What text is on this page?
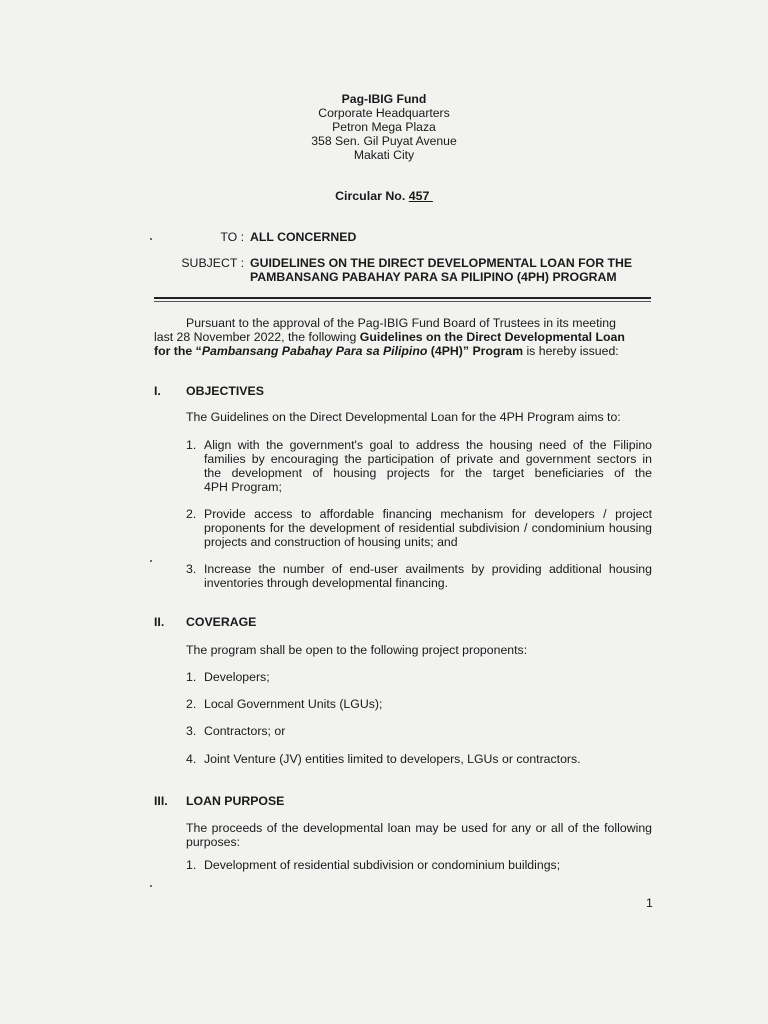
Pag-IBIG Fund
Corporate Headquarters
Petron Mega Plaza
358 Sen. Gil Puyat Avenue
Makati City
Circular No. 457
TO : ALL CONCERNED
SUBJECT : GUIDELINES ON THE DIRECT DEVELOPMENTAL LOAN FOR THE
PAMBANSANG PABAHAY PARA SA PILIPINO (4PH) PROGRAM
Pursuant to the approval of the Pag-IBIG Fund Board of Trustees in its meeting
last 28 November 2022, the following Guidelines on the Direct Developmental Loan
for the “Pambansang Pabahay Para sa Pilipino (4PH)” Program is hereby issued:
I. OBJECTIVES
The Guidelines on the Direct Developmental Loan for the 4PH Program aims to:
1. Align with the government's goal to address the housing need of the Filipino
families by encouraging the participation of private and government sectors in
the development of housing projects for the target beneficiaries of the
4PH Program;
2. Provide access to affordable financing mechanism for developers / project
proponents for the development of residential subdivision / condominium housing
projects and construction of housing units; and
3. Increase the number of end-user availments by providing additional housing
inventories through developmental financing.
II. COVERAGE
The program shall be open to the following project proponents:
1. Developers;
2. Local Government Units (LGUs);
3. Contractors; or
4. Joint Venture (JV) entities limited to developers, LGUs or contractors.
III. LOAN PURPOSE
The proceeds of the developmental loan may be used for any or all of the following
purposes:
1. Development of residential subdivision or condominium buildings;
1
